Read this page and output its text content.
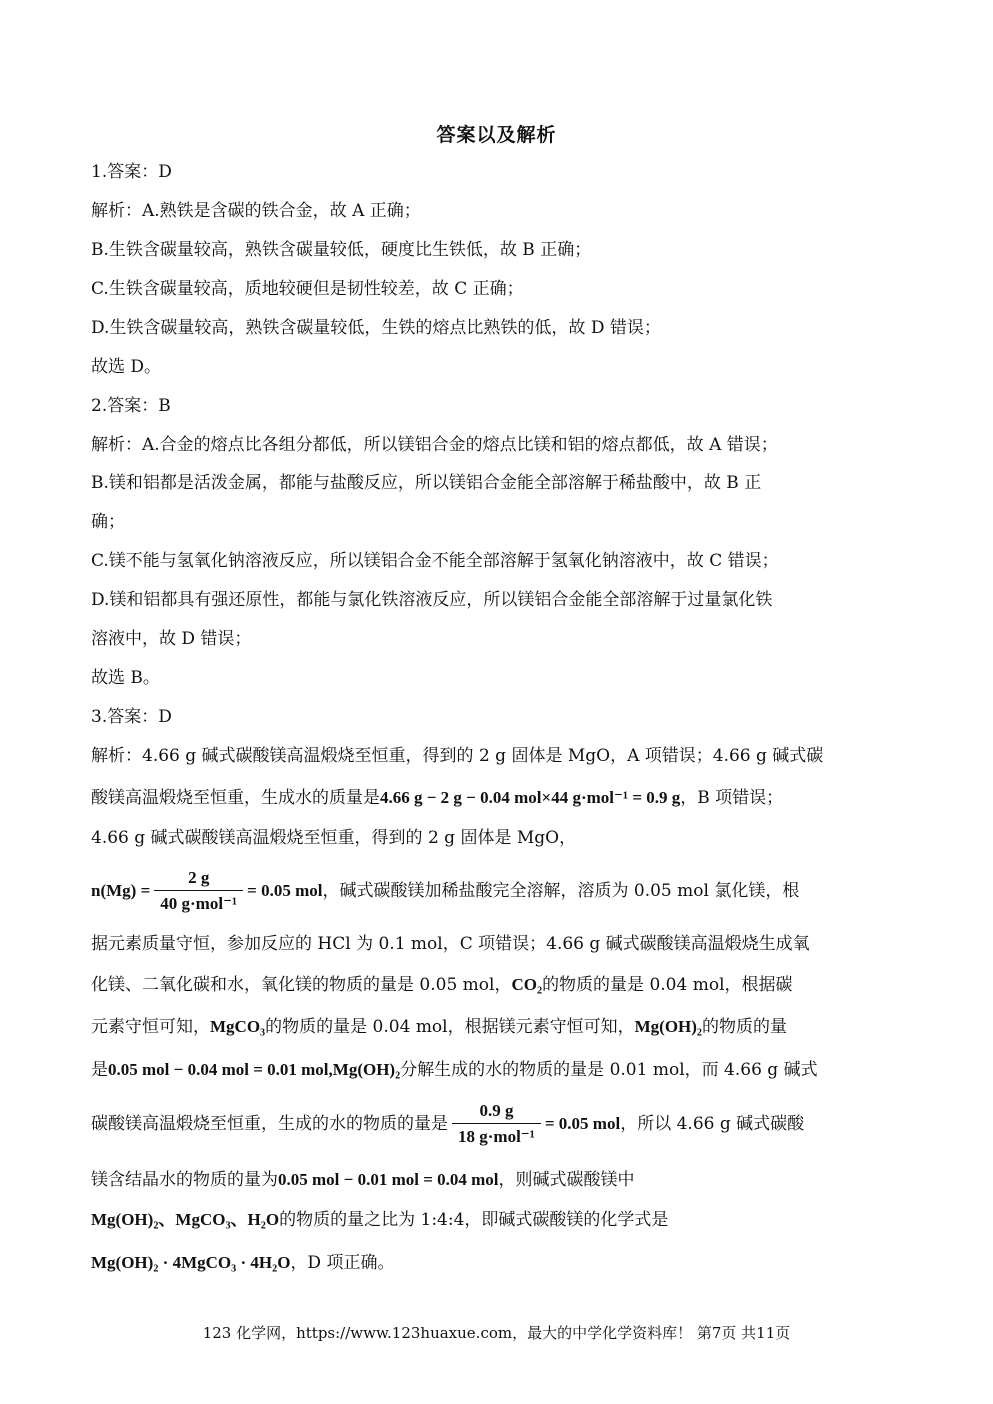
答案以及解析
1.答案：D
解析：A.熟铁是含碳的铁合金，故 A 正确；
B.生铁含碳量较高，熟铁含碳量较低，硬度比生铁低，故 B 正确；
C.生铁含碳量较高，质地较硬但是韧性较差，故 C 正确；
D.生铁含碳量较高，熟铁含碳量较低，生铁的熔点比熟铁的低，故 D 错误；
故选 D。
2.答案：B
解析：A.合金的熔点比各组分都低，所以镁铝合金的熔点比镁和铝的熔点都低，故 A 错误；
B.镁和铝都是活泼金属，都能与盐酸反应，所以镁铝合金能全部溶解于稀盐酸中，故 B 正
确；
C.镁不能与氢氧化钠溶液反应，所以镁铝合金不能全部溶解于氢氧化钠溶液中，故 C 错误；
D.镁和铝都具有强还原性，都能与氯化铁溶液反应，所以镁铝合金能全部溶解于过量氯化铁
溶液中，故 D 错误；
故选 B。
3.答案：D
解析：4.66 g 碱式碳酸镁高温煅烧至恒重，得到的 2 g 固体是 MgO，A 项错误；4.66 g 碱式碳
酸镁高温煅烧至恒重，生成水的质量是4.66 g − 2 g − 0.04 mol×44 g·mol⁻¹ = 0.9 g，B 项错误；
4.66 g 碱式碳酸镁高温煅烧至恒重，得到的 2 g 固体是 MgO，
$n(Mg) = \frac{2 g}{\text{40 g·mol⁻¹}} = 0.05$ mol，碱式碳酸镁加稀盐酸完全溶解，溶质为 0.05 mol 氯化镁，根
据元素质量守恒，参加反应的 HCl 为 0.1 mol，C 项错误；4.66 g 碱式碳酸镁高温煅烧生成氧
化镁、二氧化碳和水，氧化镁的物质的量是 0.05 mol，CO₂的物质的量是 0.04 mol，根据碳
元素守恒可知，MgCO₃的物质的量是 0.04 mol，根据镁元素守恒可知，Mg(OH)₂的物质的量
是0.05 mol − 0.04 mol = 0.01 mol,Mg(OH)₂分解生成的水的物质的量是 0.01 mol，而 4.66 g 碱式
碳酸镁高温煅烧至恒重，生成的水的物质的量是 $\frac{0.9 g}{\text{18 g·mol⁻¹}} = 0.05$ mol，所以 4.66 g 碱式碳酸
镁含结晶水的物质的量为0.05 mol − 0.01 mol = 0.04 mol，则碱式碳酸镁中
Mg(OH)₂、MgCO₃、H₂O的物质的量之比为 1:4:4，即碱式碳酸镁的化学式是
Mg(OH)₂ · 4MgCO₃ · 4H₂O，D 项正确。
123 化学网，https://www.123huaxue.com，最大的中学化学资料库！ 第7页 共11页
